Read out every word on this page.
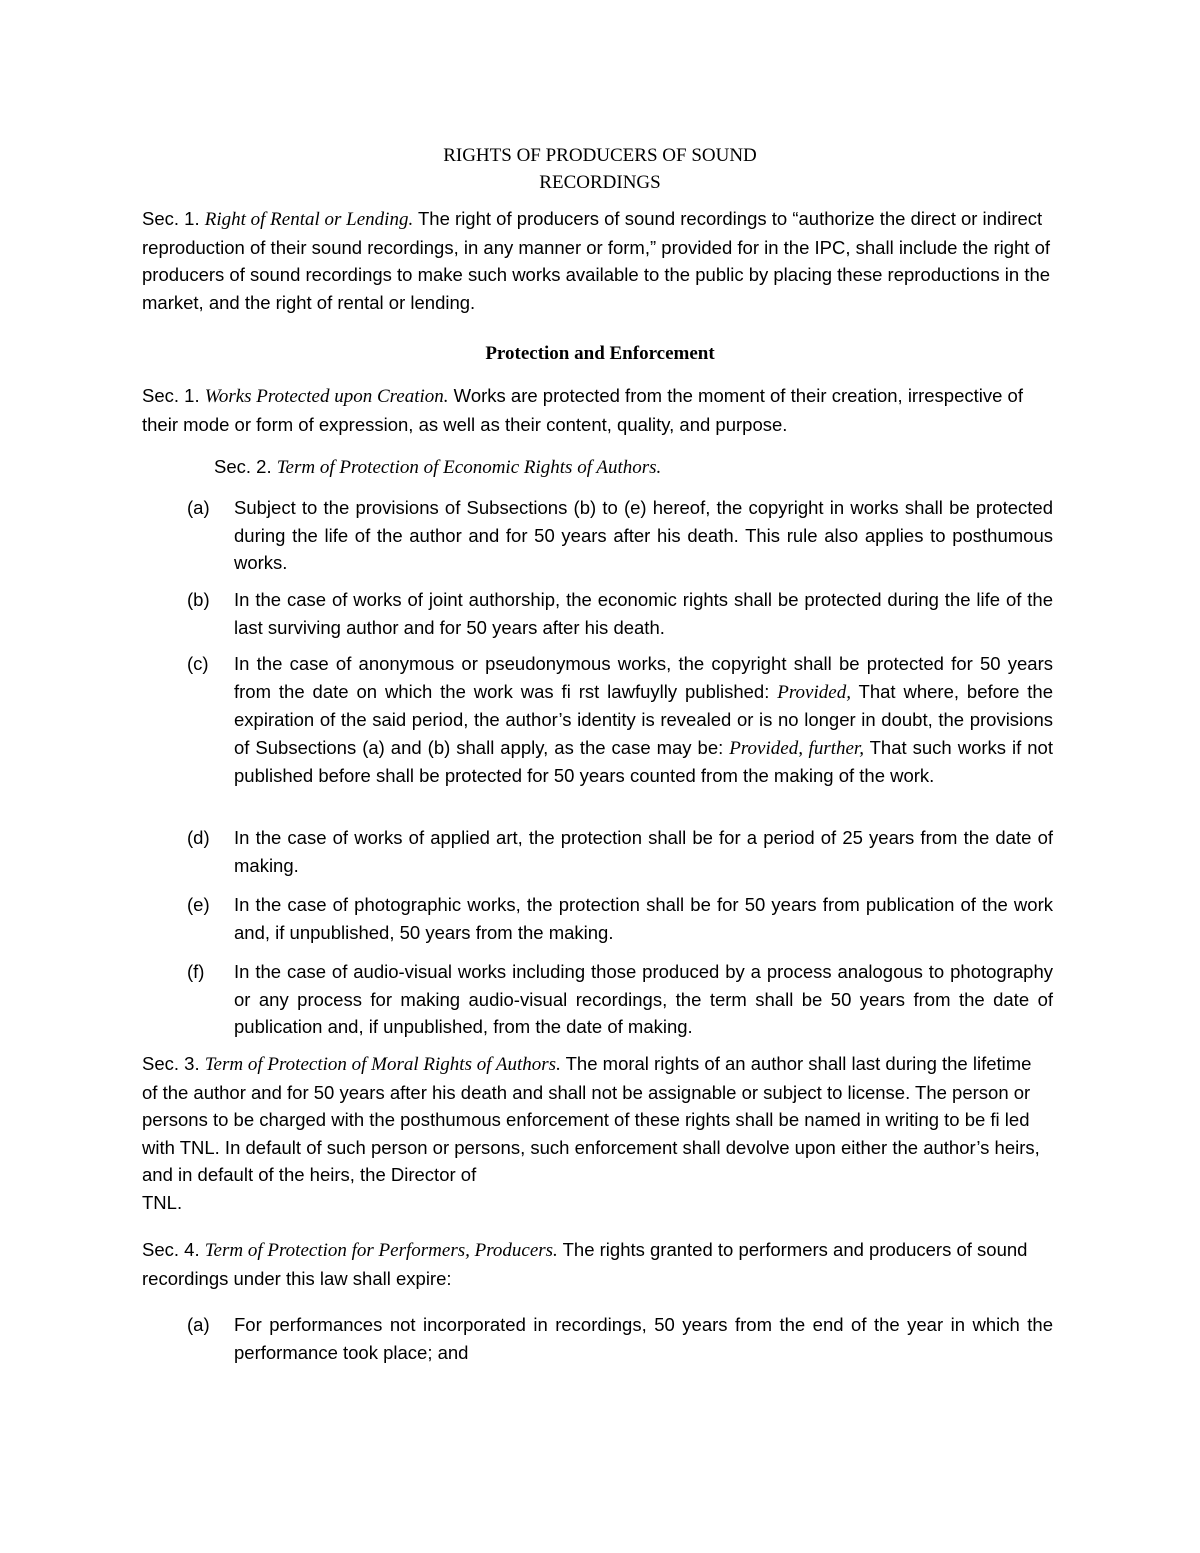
RIGHTS OF PRODUCERS OF SOUND
RECORDINGS
Sec. 1. Right of Rental or Lending. The right of producers of sound recordings to “authorize the direct or indirect reproduction of their sound recordings, in any manner or form,” provided for in the IPC, shall include the right of producers of sound recordings to make such works available to the public by placing these reproductions in the market, and the right of rental or lending.
Protection and Enforcement
Sec. 1. Works Protected upon Creation. Works are protected from the moment of their creation, irrespective of their mode or form of expression, as well as their content, quality, and purpose.
Sec. 2. Term of Protection of Economic Rights of Authors.
(a)	Subject to the provisions of Subsections (b) to (e) hereof, the copyright in works shall be protected during the life of the author and for 50 years after his death. This rule also applies to posthumous works.
(b)	In the case of works of joint authorship, the economic rights shall be protected during the life of the last surviving author and for 50 years after his death.
(c)	In the case of anonymous or pseudonymous works, the copyright shall be protected for 50 years from the date on which the work was fi rst lawfuylly published: Provided, That where, before the expiration of the said period, the author’s identity is revealed or is no longer in doubt, the provisions of Subsections (a) and (b) shall apply, as the case may be: Provided, further, That such works if not published before shall be protected for 50 years counted from the making of the work.
(d)	In the case of works of applied art, the protection shall be for a period of 25 years from the date of making.
(e)	In the case of photographic works, the protection shall be for 50 years from publication of the work and, if unpublished, 50 years from the making.
(f)	In the case of audio-visual works including those produced by a process analogous to photography or any process for making audio-visual recordings, the term shall be 50 years from the date of publication and, if unpublished, from the date of making.
Sec. 3. Term of Protection of Moral Rights of Authors. The moral rights of an author shall last during the lifetime of the author and for 50 years after his death and shall not be assignable or subject to license. The person or persons to be charged with the posthumous enforcement of these rights shall be named in writing to be fi led with TNL. In default of such person or persons, such enforcement shall devolve upon either the author’s heirs, and in default of the heirs, the Director of
TNL.
Sec. 4. Term of Protection for Performers, Producers. The rights granted to performers and producers of sound recordings under this law shall expire:
(a)	For performances not incorporated in recordings, 50 years from the end of the year in which the performance took place; and
